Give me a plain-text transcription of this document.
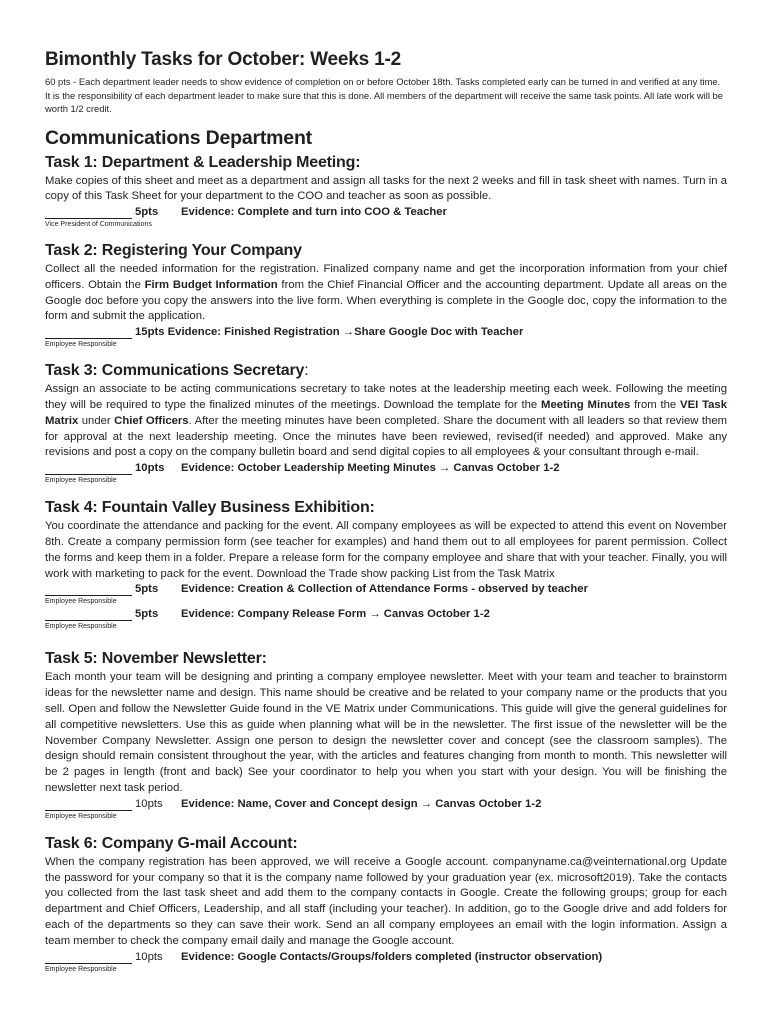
Bimonthly Tasks for October: Weeks 1-2

60 pts - Each department leader needs to show evidence of completion on or before October 18th. Tasks completed early can be turned in and verified at any time. It is the responsibility of each department leader to make sure that this is done. All members of the department will receive the same task points. All late work will be worth 1/2 credit.

Communications Department
Task 1: Department & Leadership Meeting:

Make copies of this sheet and meet as a department and assign all tasks for the next 2 weeks and fill in task sheet with names. Turn in a copy of this Task Sheet for your department to the COO and teacher as soon as possible.

5pts Evidence: Complete and turn into COO & Teacher
Vice President of Communications
Task 2: Registering Your Company

Collect all the needed information for the registration. Finalized company name and get the incorporation information from your chief officers. Obtain the Firm Budget Information from the Chief Financial Officer and the accounting department. Update all areas on the Google doc before you copy the answers into the live form. When everything is complete in the Google doc, copy the information to the form and submit the application.

15pts Evidence: Finished Registration →Share Google Doc with Teacher
Employee Responsible
Task 3: Communications Secretary:

Assign an associate to be acting communications secretary to take notes at the leadership meeting each week. Following the meeting they will be required to type the finalized minutes of the meetings. Download the template for the Meeting Minutes from the VEI Task Matrix under Chief Officers. After the meeting minutes have been completed. Share the document with all leaders so that review them for approval at the next leadership meeting. Once the minutes have been reviewed, revised(if needed) and approved. Make any revisions and post a copy on the company bulletin board and send digital copies to all employees & your consultant through e-mail.

10pts Evidence: October Leadership Meeting Minutes → Canvas October 1-2
Employee Responsible
Task 4: Fountain Valley Business Exhibition:

You coordinate the attendance and packing for the event. All company employees as will be expected to attend this event on November 8th. Create a company permission form (see teacher for examples) and hand them out to all employees for parent permission. Collect the forms and keep them in a folder. Prepare a release form for the company employee and share that with your teacher. Finally, you will work with marketing to pack for the event. Download the Trade show packing List from the Task Matrix

5pts Evidence: Creation & Collection of Attendance Forms - observed by teacher
Employee Responsible
5pts Evidence: Company Release Form → Canvas October 1-2
Employee Responsible
Task 5: November Newsletter:

Each month your team will be designing and printing a company employee newsletter. Meet with your team and teacher to brainstorm ideas for the newsletter name and design. This name should be creative and be related to your company name or the products that you sell. Open and follow the Newsletter Guide found in the VE Matrix under Communications. This guide will give the general guidelines for all competitive newsletters. Use this as guide when planning what will be in the newsletter. The first issue of the newsletter will be the November Company Newsletter. Assign one person to design the newsletter cover and concept (see the classroom samples). The design should remain consistent throughout the year, with the articles and features changing from month to month. This newsletter will be 2 pages in length (front and back) See your coordinator to help you when you start with your design. You will be finishing the newsletter next task period.

10pts Evidence: Name, Cover and Concept design → Canvas October 1-2
Employee Responsible
Task 6: Company G-mail Account:

When the company registration has been approved, we will receive a Google account. companyname.ca@veinternational.org Update the password for your company so that it is the company name followed by your graduation year (ex. microsoft2019). Take the contacts you collected from the last task sheet and add them to the company contacts in Google. Create the following groups; group for each department and Chief Officers, Leadership, and all staff (including your teacher). In addition, go to the Google drive and add folders for each of the departments so they can save their work. Send an all company employees an email with the login information. Assign a team member to check the company email daily and manage the Google account.

10pts Evidence: Google Contacts/Groups/folders completed (instructor observation)
Employee Responsible
